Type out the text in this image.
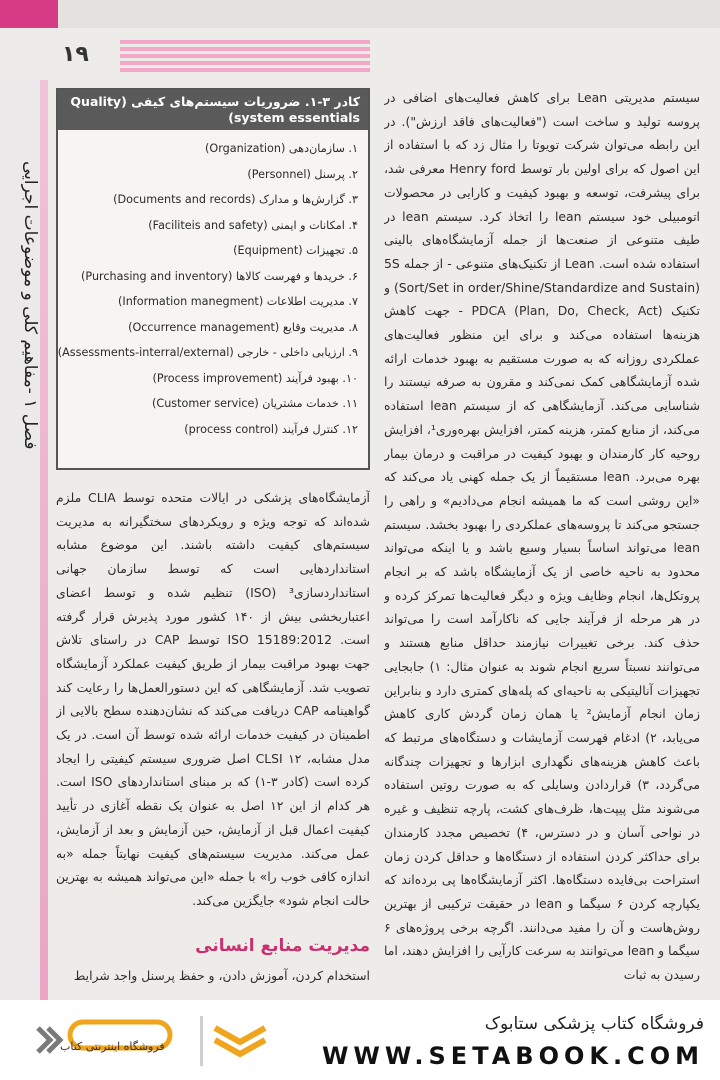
۱۹
فصل ۱ -مفاهیم کلی و موضوعات اجرایی
کادر ۳-۱. ضروریات سیستم‌های کیفی (Quality system essentials)
۱. سازمان‌دهی (Organization)
۲. پرسنل (Personnel)
۳. گزارش‌ها و مدارک (Documents and records)
۴. امکانات و ایمنی (Faciliteis and safety)
۵. تجهیزات (Equipment)
۶. خریدها و فهرست کالاها (Purchasing and inventory)
۷. مدیریت اطلاعات (Information manegment)
۸. مدیریت وقایع (Occurrence management)
۹. ارزیابی داخلی - خارجی (Assessments-interral/external)
۱۰. بهبود فرآیند (Process improvement)
۱۱. خدمات مشتریان (Customer service)
۱۲. کنترل فرآیند (process control)

سیستم مدیریتی Lean برای کاهش فعالیت‌های اضافی در پروسه تولید و ساخت است ("فعالیت‌های فاقد ارزش"). در این رابطه می‌توان شرکت تویوتا را مثال زد که با استفاده از این اصول که برای اولین بار توسط Henry ford معرفی شد، برای پیشرفت، توسعه و بهبود کیفیت و کارایی در محصولات اتومبیلی خود سیستم lean را اتخاذ کرد. سیستم lean در طیف متنوعی از صنعت‌ها از جمله آزمایشگاه‌های بالینی استفاده شده است. Lean از تکنیک‌های متنوعی - از جمله 5S (Sort/Set in order/Shine/Standardize and Sustain) و تکنیک PDCA (Plan, Do, Check, Act) - جهت کاهش هزینه‌ها استفاده می‌کند و برای این منظور فعالیت‌های عملکردی روزانه که به صورت مستقیم به بهبود خدمات ارائه شده آزمایشگاهی کمک نمی‌کند و مقرون به صرفه نیستند را شناسایی می‌کند. آزمایشگاهی که از سیستم lean استفاده می‌کند، از منابع کمتر، هزینه کمتر، افزایش بهره‌وری¹، افزایش روحیه کار کارمندان و بهبود کیفیت در مراقبت و درمان بیمار بهره می‌برد. lean مستقیماً از یک جمله کهنی یاد می‌کند که «این روشی است که ما همیشه انجام می‌دادیم» و راهی را جستجو می‌کند تا پروسه‌های عملکردی را بهبود بخشد. سیستم lean می‌تواند اساساً بسیار وسیع باشد و یا اینکه می‌تواند محدود به ناحیه خاصی از یک آزمایشگاه باشد که بر انجام پروتکل‌ها، انجام وظایف ویژه و دیگر فعالیت‌ها تمرکز کرده و در هر مرحله از فرآیند جایی که ناکارآمد است را می‌تواند حذف کند. برخی تغییرات نیازمند حداقل منابع هستند و می‌توانند نسبتاً سریع انجام شوند به عنوان مثال: ۱) جابجایی تجهیزات آنالیتیکی به ناحیه‌ای که پله‌های کمتری دارد و بنابراین زمان انجام آزمایش² یا همان زمان گردش کاری کاهش می‌یابد، ۲) ادغام فهرست آزمایشات و دستگاه‌های مرتبط که باعث کاهش هزینه‌های نگهداری ابزارها و تجهیزات چندگانه می‌گردد، ۳) قراردادن وسایلی که به صورت روتین استفاده می‌شوند مثل پیپت‌ها، ظرف‌های کشت، پارچه تنظیف و غیره در نواحی آسان و در دسترس، ۴) تخصیص مجدد کارمندان برای حداکثر کردن استفاده از دستگاه‌ها و حداقل کردن زمان استراحت بی‌فایده دستگاه‌ها. اکثر آزمایشگاه‌ها پی برده‌اند که یکپارچه کردن ۶ سیگما و lean در حقیقت ترکیبی از بهترین روش‌هاست و آن را مفید می‌دانند. اگرچه برخی پروژه‌های ۶ سیگما و lean می‌توانند به سرعت کارآیی را افزایش دهند، اما رسیدن به ثبات

آزمایشگاه‌های پزشکی در ایالات متحده توسط CLIA ملزم شده‌اند که توجه ویژه و رویکردهای سختگیرانه به مدیریت سیستم‌های کیفیت داشته باشند. این موضوع مشابه استانداردهایی است که توسط سازمان جهانی استانداردسازی³ (ISO) تنظیم شده و توسط اعضای اعتباربخشی بیش از ۱۴۰ کشور مورد پذیرش قرار گرفته است. ISO 15189:2012 توسط CAP در راستای تلاش جهت بهبود مراقبت بیمار از طریق کیفیت عملکرد آزمایشگاه تصویب شد. آزمایشگاهی که این دستورالعمل‌ها را رعایت کند گواهینامه CAP دریافت می‌کند که نشان‌دهنده سطح بالایی از اطمینان در کیفیت خدمات ارائه شده توسط آن است. در یک مدل مشابه، CLSI ۱۲ اصل ضروری سیستم کیفیتی را ایجاد کرده است (کادر ۳-۱) که بر مبنای استانداردهای ISO است. هر کدام از این ۱۲ اصل به عنوان یک نقطه آغازی در تأیید کیفیت اعمال قبل از آزمایش، حین آزمایش و بعد از آزمایش، عمل می‌کند. مدیریت سیستم‌های کیفیت نهایتاً جمله «به اندازه کافی خوب را» با جمله «این می‌تواند همیشه به بهترین حالت انجام شود» جایگزین می‌کند.

مدیریت منابع انسانی

استخدام کردن، آموزش دادن، و حفظ پرسنل واجد شرایط

فروشگاه اینترنتی کتاب
فروشگاه کتاب پزشکی ستابوک
WWW.SETABOOK.COM
